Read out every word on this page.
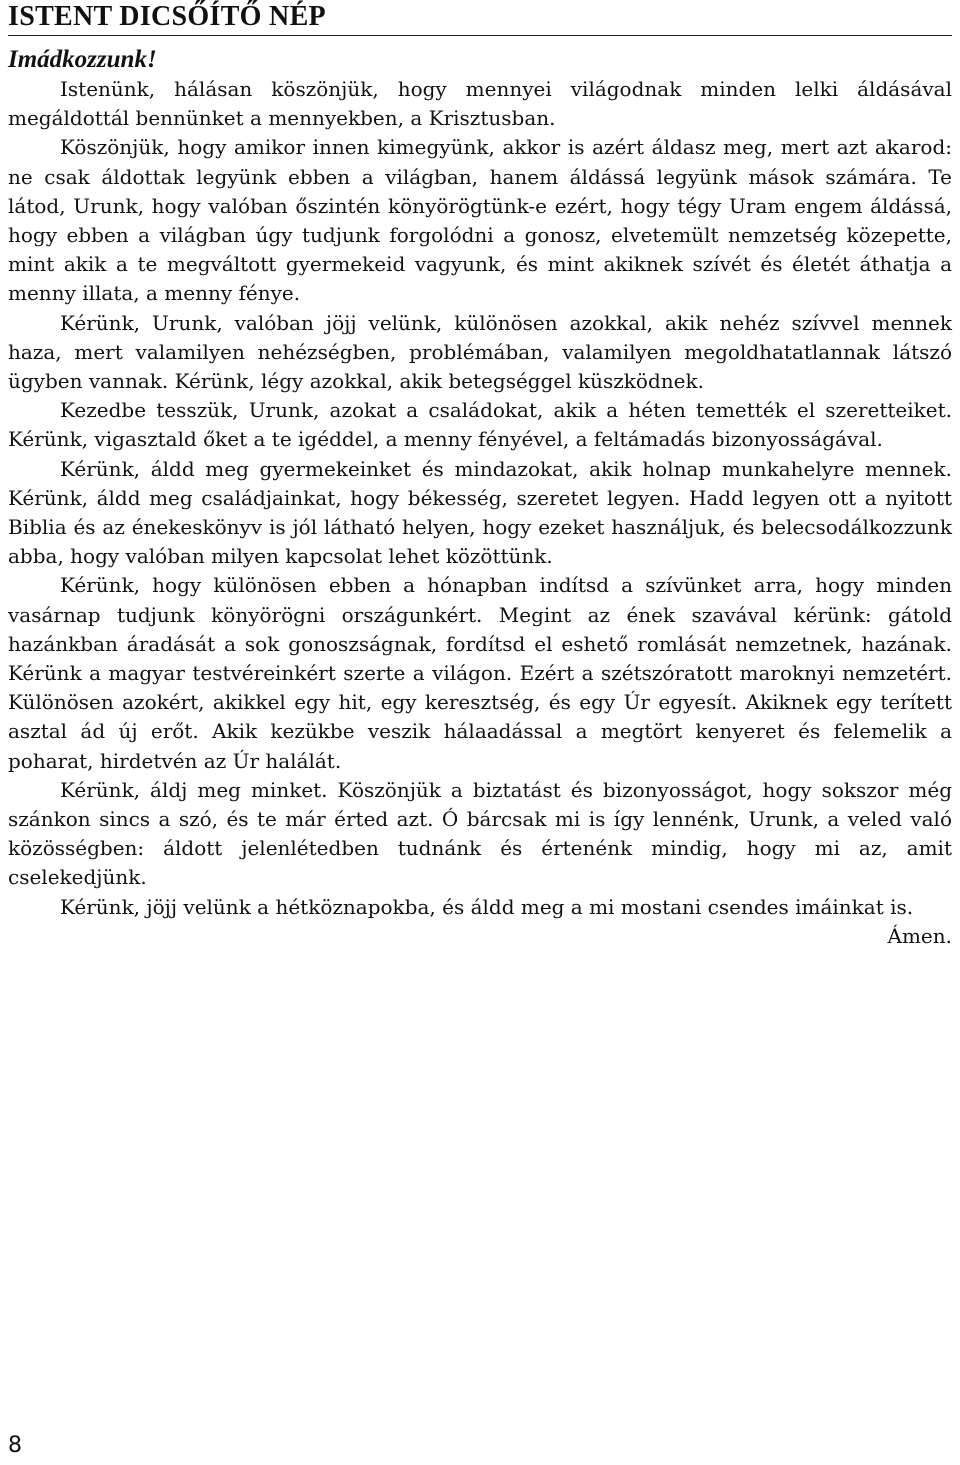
ISTENT DICSŐÍTŐ NÉP

Imádkozzunk!

Istenünk, hálásan köszönjük, hogy mennyei világodnak minden lelki áldásával megáldottál bennünket a mennyekben, a Krisztusban.

Köszönjük, hogy amikor innen kimegyünk, akkor is azért áldasz meg, mert azt akarod: ne csak áldottak legyünk ebben a világban, hanem áldássá legyünk mások számára. Te látod, Urunk, hogy valóban őszintén könyörögtünk-e ezért, hogy tégy Uram engem áldássá, hogy ebben a világban úgy tudjunk forgolódni a gonosz, elvetemült nemzetség közepette, mint akik a te megváltott gyermekeid vagyunk, és mint akiknek szívét és életét áthatja a menny illata, a menny fénye.

Kérünk, Urunk, valóban jöjj velünk, különösen azokkal, akik nehéz szívvel mennek haza, mert valamilyen nehézségben, problémában, valamilyen megoldhatatlannak látszó ügyben vannak. Kérünk, légy azokkal, akik betegséggel küszködnek.

Kezedbe tesszük, Urunk, azokat a családokat, akik a héten temették el szeretteiket. Kérünk, vigasztald őket a te igéddel, a menny fényével, a feltámadás bizonyosságával.

Kérünk, áldd meg gyermekeinket és mindazokat, akik holnap munkahelyre mennek. Kérünk, áldd meg családjainkat, hogy békesség, szeretet legyen. Hadd legyen ott a nyitott Biblia és az énekeskönyv is jól látható helyen, hogy ezeket használjuk, és belecsodálkozzunk abba, hogy valóban milyen kapcsolat lehet közöttünk.

Kérünk, hogy különösen ebben a hónapban indítsd a szívünket arra, hogy minden vasárnap tudjunk könyörögni országunkért. Megint az ének szavával kérünk: gátold hazánkban áradását a sok gonoszságnak, fordítsd el eshető romlását nemzetnek, hazának. Kérünk a magyar testvéreinkért szerte a világon. Ezért a szétszóratott maroknyi nemzetért. Különösen azokért, akikkel egy hit, egy keresztség, és egy Úr egyesít. Akiknek egy terített asztal ád új erőt. Akik kezükbe veszik hálaadással a megtört kenyeret és felemelik a poharat, hirdetvén az Úr halálát.

Kérünk, áldj meg minket. Köszönjük a biztatást és bizonyosságot, hogy sokszor még szánkon sincs a szó, és te már érted azt. Ó bárcsak mi is így lennénk, Urunk, a veled való közösségben: áldott jelenlétedben tudnánk és értenénk mindig, hogy mi az, amit cselekedjünk.

Kérünk, jöjj velünk a hétköznapokba, és áldd meg a mi mostani csendes imáinkat is.

Ámen.

8
